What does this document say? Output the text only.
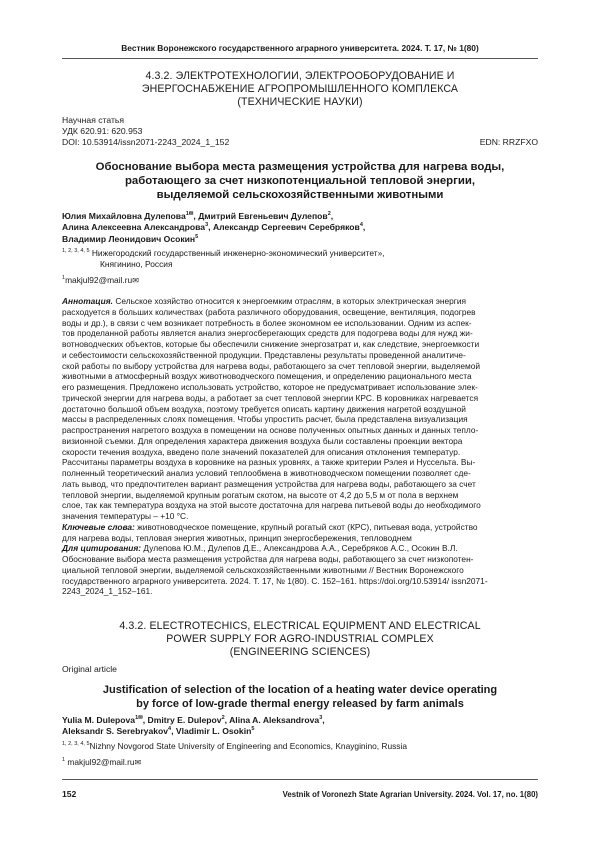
Вестник Воронежского государственного аграрного университета. 2024. Т. 17, № 1(80)
4.3.2. ЭЛЕКТРОТЕХНОЛОГИИ, ЭЛЕКТРООБОРУДОВАНИЕ И
ЭНЕРГОСНАБЖЕНИЕ АГРОПРОМЫШЛЕННОГО КОМПЛЕКСА
(ТЕХНИЧЕСКИЕ НАУКИ)
Научная статья
УДК 620.91: 620.953
DOI: 10.53914/issn2071-2243_2024_1_152	EDN: RRZFXO
Обоснование выбора места размещения устройства для нагрева воды,
работающего за счет низкопотенциальной тепловой энергии,
выделяемой сельскохозяйственными животными
Юлия Михайловна Дулепова$^{1✉}$, Дмитрий Евгеньевич Дулепов$^2$,
Алина Алексеевна Александрова$^3$, Александр Сергеевич Серебряков$^4$,
Владимир Леонидович Осокин$^5$
$^{1, 2, 3, 4, 5}$ Нижегородский государственный инженерно-экономический университет»,
Княгинино, Россия
$^1$makjul92@mail.ru✉
Аннотация. Сельское хозяйство относится к энергоемким отраслям, в которых электрическая энергия
расходуется в больших количествах (работа различного оборудования, освещение, вентиляция, подогрев
воды и др.), в связи с чем возникает потребность в более экономном ее использовании. Одним из аспек-
тов проделанной работы является анализ энергосберегающих средств для подогрева воды для нужд жи-
вотноводческих объектов, которые бы обеспечили снижение энергозатрат и, как следствие, энергоемкости
и себестоимости сельскохозяйственной продукции. Представлены результаты проведенной аналитиче-
ской работы по выбору устройства для нагрева воды, работающего за счет тепловой энергии, выделяемой
животными в атмосферный воздух животноводческого помещения, и определению рационального места
его размещения. Предложено использовать устройство, которое не предусматривает использование элек-
трической энергии для нагрева воды, а работает за счет тепловой энергии КРС. В коровниках нагревается
достаточно большой объем воздуха, поэтому требуется описать картину движения нагретой воздушной
массы в распределенных слоях помещения. Чтобы упростить расчет, была представлена визуализация
распространения нагретого воздуха в помещении на основе полученных опытных данных и данных тепло-
визионной съемки. Для определения характера движения воздуха были составлены проекции вектора
скорости течения воздуха, введено поле значений показателей для описания отклонения температур.
Рассчитаны параметры воздуха в коровнике на разных уровнях, а также критерии Рэлея и Нуссельта. Вы-
полненный теоретический анализ условий теплообмена в животноводческом помещении позволяет сде-
лать вывод, что предпочтителен вариант размещения устройства для нагрева воды, работающего за счет
тепловой энергии, выделяемой крупным рогатым скотом, на высоте от 4,2 до 5,5 м от пола в верхнем
слое, так как температура воздуха на этой высоте достаточна для нагрева питьевой воды до необходимого
значения температуры – +10 °С.
Ключевые слова: животноводческое помещение, крупный рогатый скот (КРС), питьевая вода, устройство
для нагрева воды, тепловая энергия животных, принцип энергосбережения, тепловоднем
Для цитирования: Дулепова Ю.М., Дулепов Д.Е., Александрова А.А., Серебряков А.С., Осокин В.Л.
Обоснование выбора места размещения устройства для нагрева воды, работающего за счет низкопотен-
циальной тепловой энергии, выделяемой сельскохозяйственными животными // Вестник Воронежского
государственного аграрного университета. 2024. Т. 17, № 1(80). С. 152–161. https://doi.org/10.53914/ issn2071-
2243_2024_1_152–161.
4.3.2. ELECTROTECHICS, ELECTRICAL EQUIPMENT AND ELECTRICAL
POWER SUPPLY FOR AGRO-INDUSTRIAL COMPLEX
(ENGINEERING SCIENCES)
Original article
Justification of selection of the location of a heating water device operating
by force of low-grade thermal energy released by farm animals
Yulia M. Dulepova$^{1✉}$, Dmitry E. Dulepov$^2$, Alina A. Aleksandrova$^3$,
Aleksandr S. Serebryakov$^4$, Vladimir L. Osokin$^5$
$^{1, 2, 3, 4, 5}$Nizhny Novgorod State University of Engineering and Economics, Knayginino, Russia
$^1$ makjul92@mail.ru✉
152	Vestnik of Voronezh State Agrarian University. 2024. Vol. 17, no. 1(80)
